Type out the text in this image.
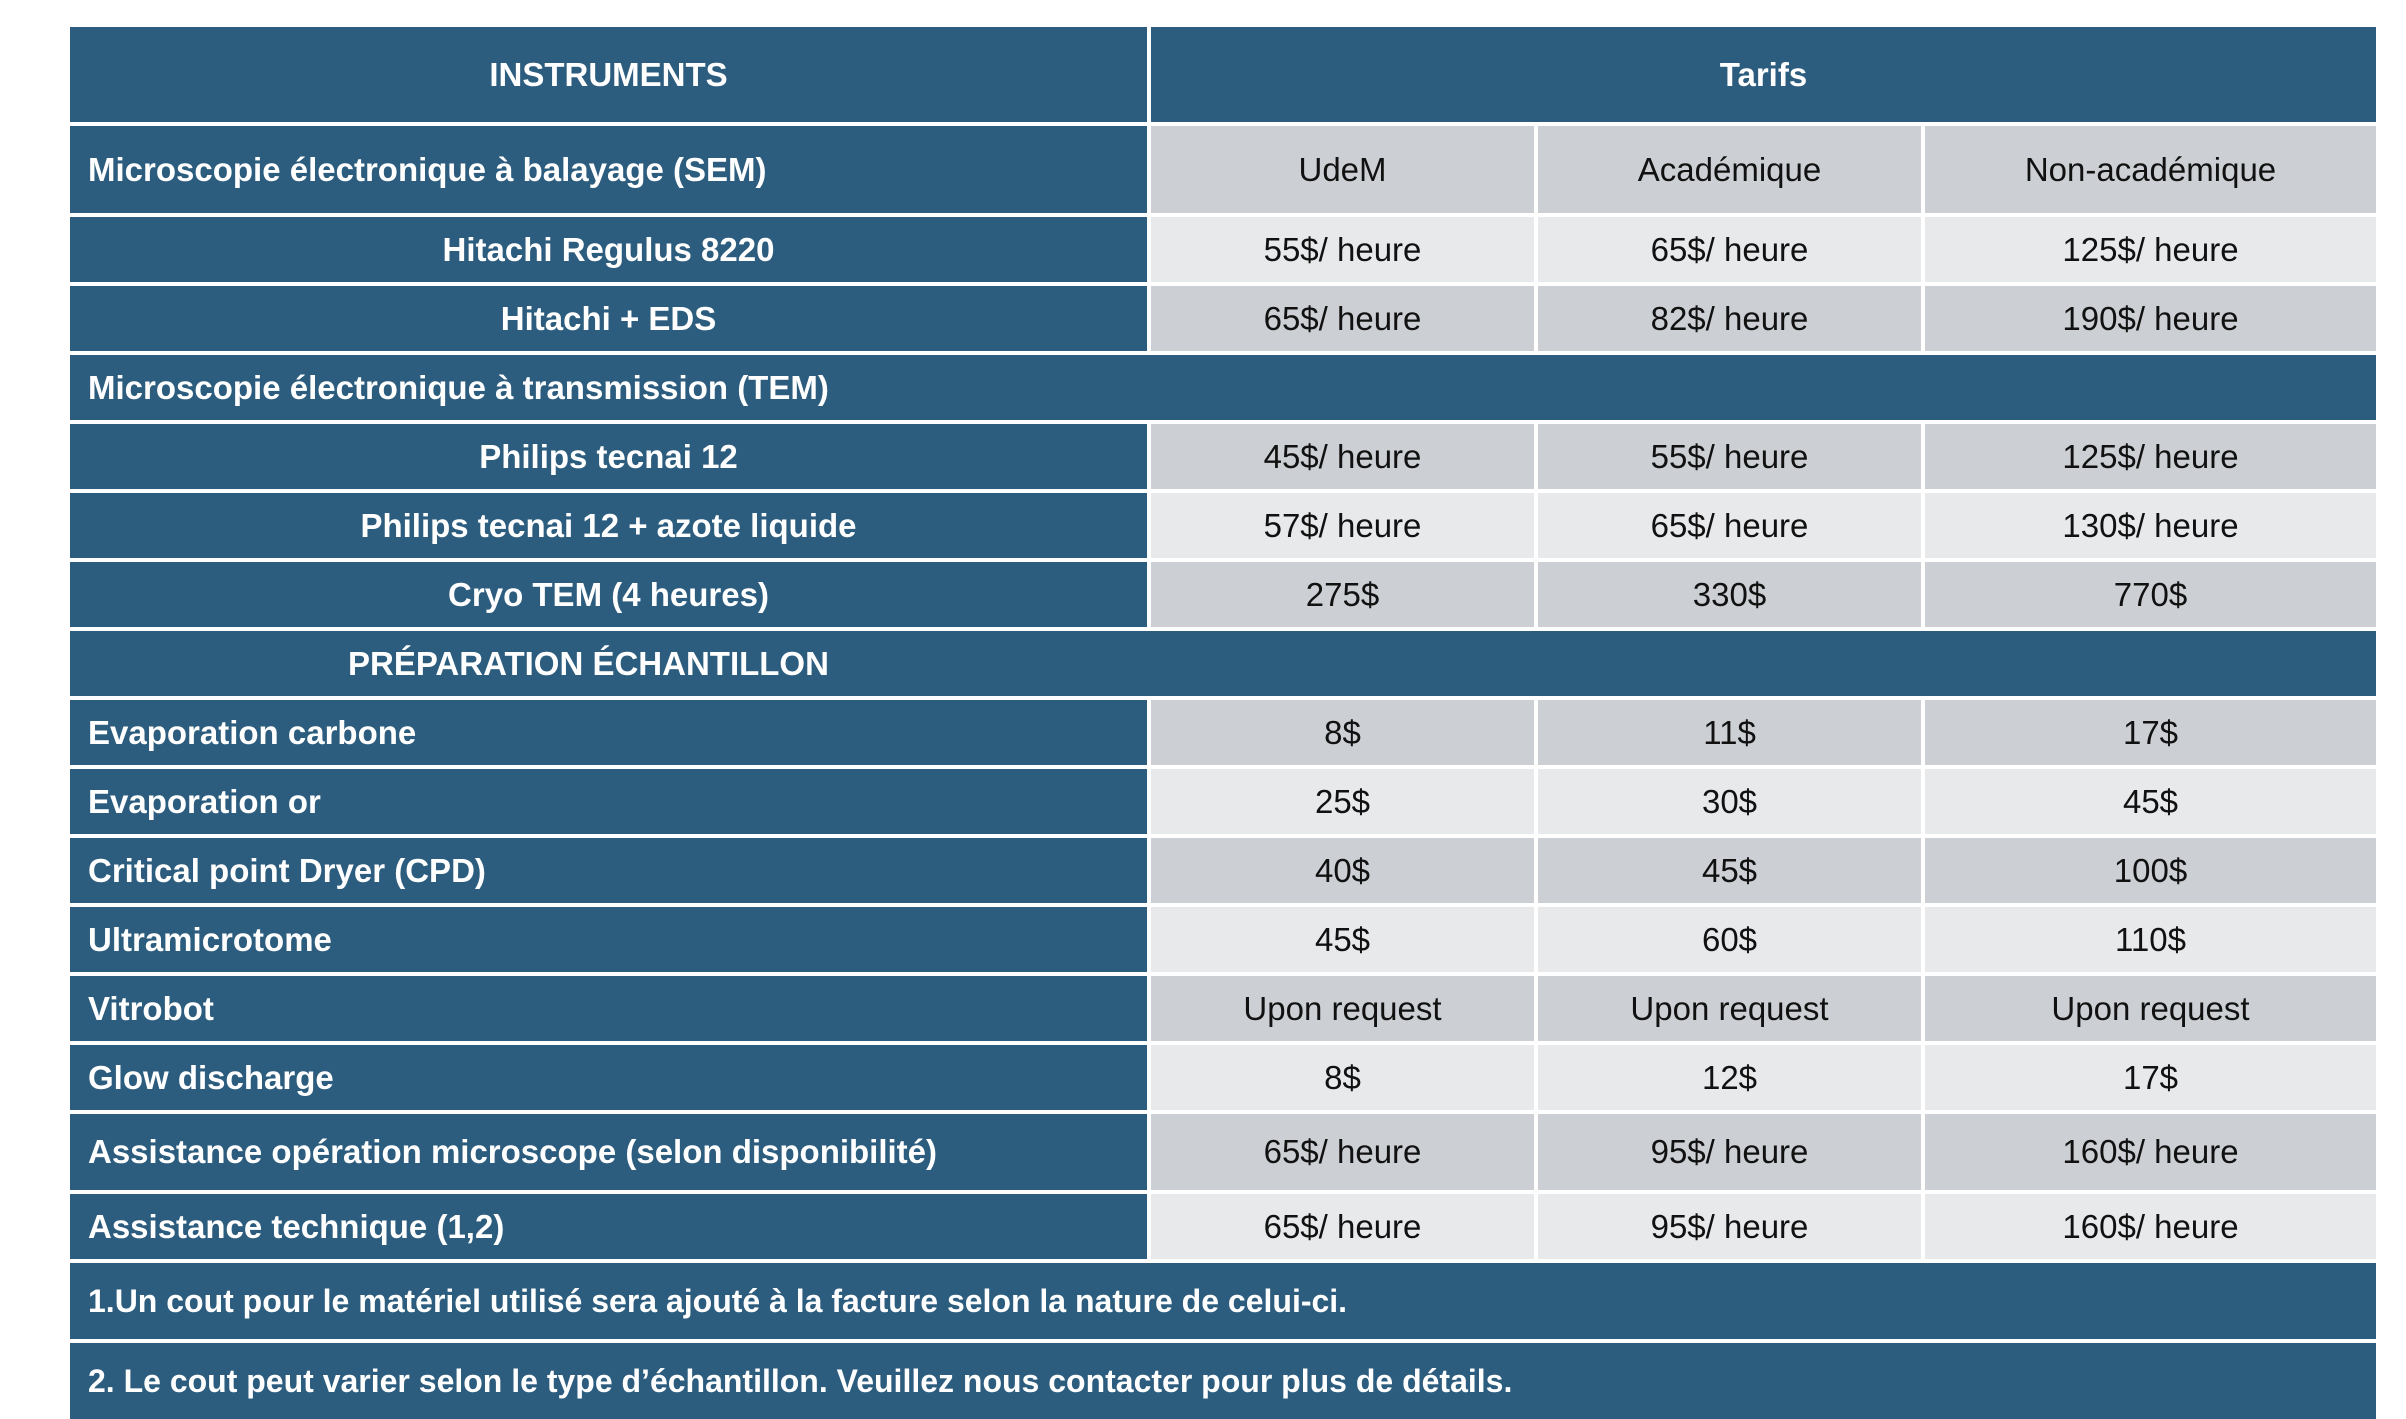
INSTRUMENTS	Tarifs
Microscopie électronique à balayage (SEM)	UdeM	Académique	Non-académique
Hitachi Regulus 8220	55$/ heure	65$/ heure	125$/ heure
Hitachi + EDS	65$/ heure	82$/ heure	190$/ heure
Microscopie électronique à transmission (TEM)
Philips tecnai 12	45$/ heure	55$/ heure	125$/ heure
Philips tecnai 12 + azote liquide	57$/ heure	65$/ heure	130$/ heure
Cryo TEM (4 heures)	275$	330$	770$
PRÉPARATION ÉCHANTILLON
Evaporation carbone	8$	11$	17$
Evaporation or	25$	30$	45$
Critical point Dryer (CPD)	40$	45$	100$
Ultramicrotome	45$	60$	110$
Vitrobot	Upon request	Upon request	Upon request
Glow discharge	8$	12$	17$
Assistance opération microscope (selon disponibilité)	65$/ heure	95$/ heure	160$/ heure
Assistance technique (1,2)	65$/ heure	95$/ heure	160$/ heure
1.Un cout pour le matériel utilisé sera ajouté à la facture selon la nature de celui-ci.
2. Le cout peut varier selon le type d’échantillon. Veuillez nous contacter pour plus de détails.
